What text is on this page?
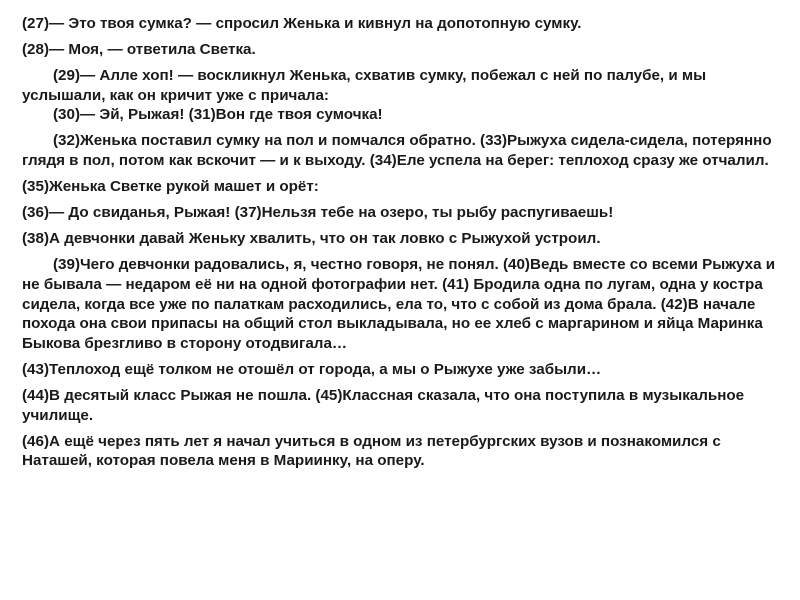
(27)— Это твоя сумка? — спросил Женька и кивнул на допотопную сумку.

(28)— Моя, — ответила Светка.

(29)— Алле хоп! — воскликнул Женька, схватив сумку, побежал с ней по палубе, и мы услышали, как он кричит уже с причала:

(30)— Эй, Рыжая! (31)Вон где твоя сумочка!

(32)Женька поставил сумку на пол и помчался обратно. (33)Рыжуха сидела-сидела, потерянно глядя в пол, потом как вскочит — и к выходу. (34)Еле успела на берег: теплоход сразу же отчалил.

(35)Женька Светке рукой машет и орёт:

(36)— До свиданья, Рыжая! (37)Нельзя тебе на озеро, ты рыбу распугиваешь!

(38)А девчонки давай Женьку хвалить, что он так ловко с Рыжухой устроил.

(39)Чего девчонки радовались, я, честно говоря, не понял. (40)Ведь вместе со всеми Рыжуха и не бывала — недаром её ни на одной фотографии нет. (41) Бродила одна по лугам, одна у костра сидела, когда все уже по палаткам расходились, ела то, что с собой из дома брала. (42)В начале похода она свои припасы на общий стол выкладывала, но ее хлеб с маргарином и яйца Маринка Быкова брезгливо в сторону отодвигала…

(43)Теплоход ещё толком не отошёл от города, а мы о Рыжухе уже забыли…

(44)В десятый класс Рыжая не пошла. (45)Классная сказала, что она поступила в музыкальное училище.

(46)А ещё через пять лет я начал учиться в одном из петербургских вузов и познакомился с Наташей, которая повела меня в Мариинку, на оперу.
